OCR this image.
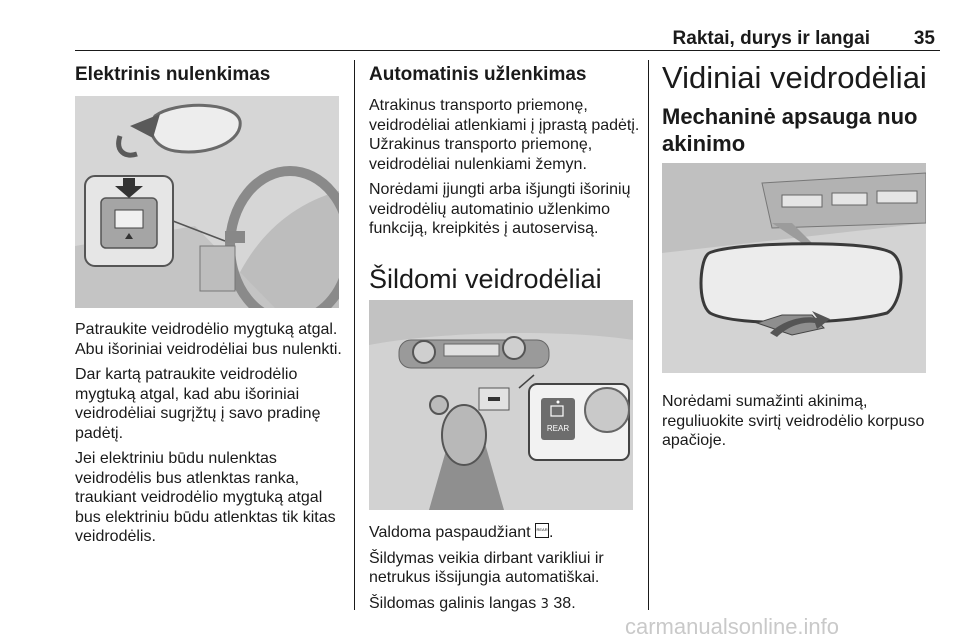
Raktai, durys ir langai	35
Elektrinis nulenkimas

Patraukite veidrodėlio mygtuką atgal. Abu išoriniai veidrodėliai bus nulenkti.

Dar kartą patraukite veidrodėlio mygtuką atgal, kad abu išoriniai veidrodėliai sugrįžtų į savo pradinę padėtį.

Jei elektriniu būdu nulenktas veidrodėlis bus atlenktas ranka, traukiant veidrodėlio mygtuką atgal bus elektriniu būdu atlenktas tik kitas veidrodėlis.

Automatinis užlenkimas

Atrakinus transporto priemonę, veidrodėliai atlenkiami į įprastą padėtį. Užrakinus transporto priemonę, veidrodėliai nulenkiami žemyn.

Norėdami įjungti arba išjungti išorinių veidrodėlių automatinio užlenkimo funkciją, kreipkitės į autoservisą.

Šildomi veidrodėliai
REAR

Valdoma paspaudžiant REAR .

Šildymas veikia dirbant varikliui ir netrukus išsijungia automatiškai.

Šildomas galinis langas 3 38.

Vidiniai veidrodėliai
Mechaninė apsauga nuo akinimo

Norėdami sumažinti akinimą, reguliuokite svirtį veidrodėlio korpuso apačioje.

carmanualsonline.info
